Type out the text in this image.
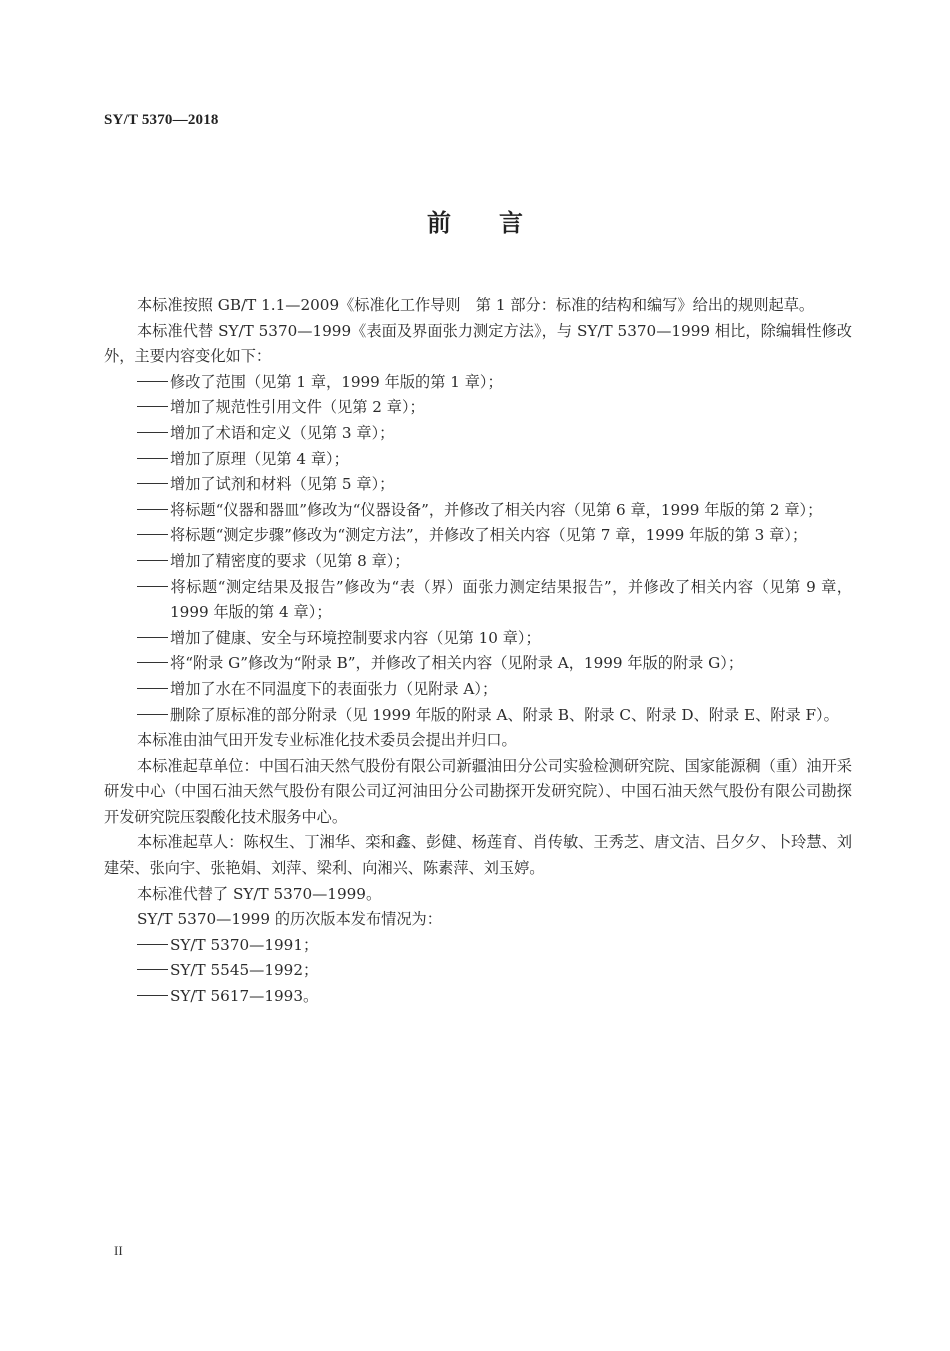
SY/T 5370—2018
前言

本标准按照 GB/T 1.1—2009《标准化工作导则　第 1 部分：标准的结构和编写》给出的规则起草。

本标准代替 SY/T 5370—1999《表面及界面张力测定方法》，与 SY/T 5370—1999 相比，除编辑性修改外，主要内容变化如下：

修改了范围（见第 1 章，1999 年版的第 1 章）；

增加了规范性引用文件（见第 2 章）；

增加了术语和定义（见第 3 章）；

增加了原理（见第 4 章）；

增加了试剂和材料（见第 5 章）；

将标题“仪器和器皿”修改为“仪器设备”，并修改了相关内容（见第 6 章，1999 年版的第 2 章）；

将标题“测定步骤”修改为“测定方法”，并修改了相关内容（见第 7 章，1999 年版的第 3 章）；

增加了精密度的要求（见第 8 章）；

将标题“测定结果及报告”修改为“表（界）面张力测定结果报告”，并修改了相关内容（见第 9 章，1999 年版的第 4 章）；

增加了健康、安全与环境控制要求内容（见第 10 章）；

将“附录 G”修改为“附录 B”，并修改了相关内容（见附录 A，1999 年版的附录 G）；

增加了水在不同温度下的表面张力（见附录 A）；

删除了原标准的部分附录（见 1999 年版的附录 A、附录 B、附录 C、附录 D、附录 E、附录 F）。

本标准由油气田开发专业标准化技术委员会提出并归口。

本标准起草单位：中国石油天然气股份有限公司新疆油田分公司实验检测研究院、国家能源稠（重）油开采研发中心（中国石油天然气股份有限公司辽河油田分公司勘探开发研究院）、中国石油天然气股份有限公司勘探开发研究院压裂酸化技术服务中心。

本标准起草人：陈权生、丁湘华、栾和鑫、彭健、杨莲育、肖传敏、王秀芝、唐文洁、吕夕夕、卜玲慧、刘建荣、张向宇、张艳娟、刘萍、梁利、向湘兴、陈素萍、刘玉婷。

本标准代替了 SY/T 5370—1999。

SY/T 5370—1999 的历次版本发布情况为：

SY/T 5370—1991；

SY/T 5545—1992；

SY/T 5617—1993。

II
